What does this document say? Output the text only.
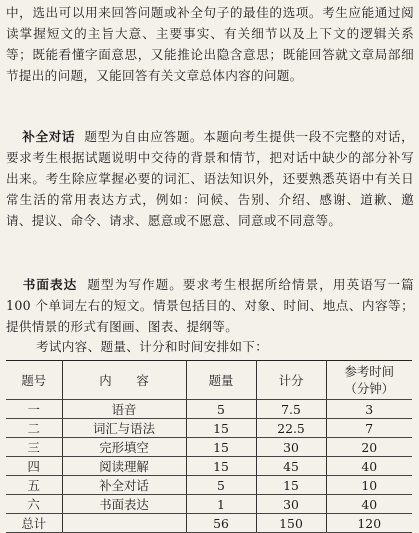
中，选出可以用来回答问题或补全句子的最佳的选项。考生应能通过阅读掌握短文的主旨大意、主要事实、有关细节以及上下文的逻辑关系等；既能看懂字面意思，又能推论出隐含意思；既能回答就文章局部细节提出的问题，又能回答有关文章总体内容的问题。
补全对话 题型为自由应答题。本题向考生提供一段不完整的对话，要求考生根据试题说明中交待的背景和情节，把对话中缺少的部分补写出来。考生除应掌握必要的词汇、语法知识外，还要熟悉英语中有关日常生活的常用表达方式，例如：问候、告别、介绍、感谢、道歉、邀请、提议、命令、请求、愿意或不愿意、同意或不同意等。
书面表达 题型为写作题。要求考生根据所给情景，用英语写一篇 100 个单词左右的短文。情景包括目的、对象、时间、地点、内容等；提供情景的形式有图画、图表、提纲等。
考试内容、题量、计分和时间安排如下：
题号	内　　容	题量	计分	参考时间
（分钟）

一	语音	5	7.5	3
二	词汇与语法	15	22.5	7
三	完形填空	15	30	20
四	阅读理解	15	45	40
五	补全对话	5	15	10
六	书面表达	1	30	40
总计		56	150	120
